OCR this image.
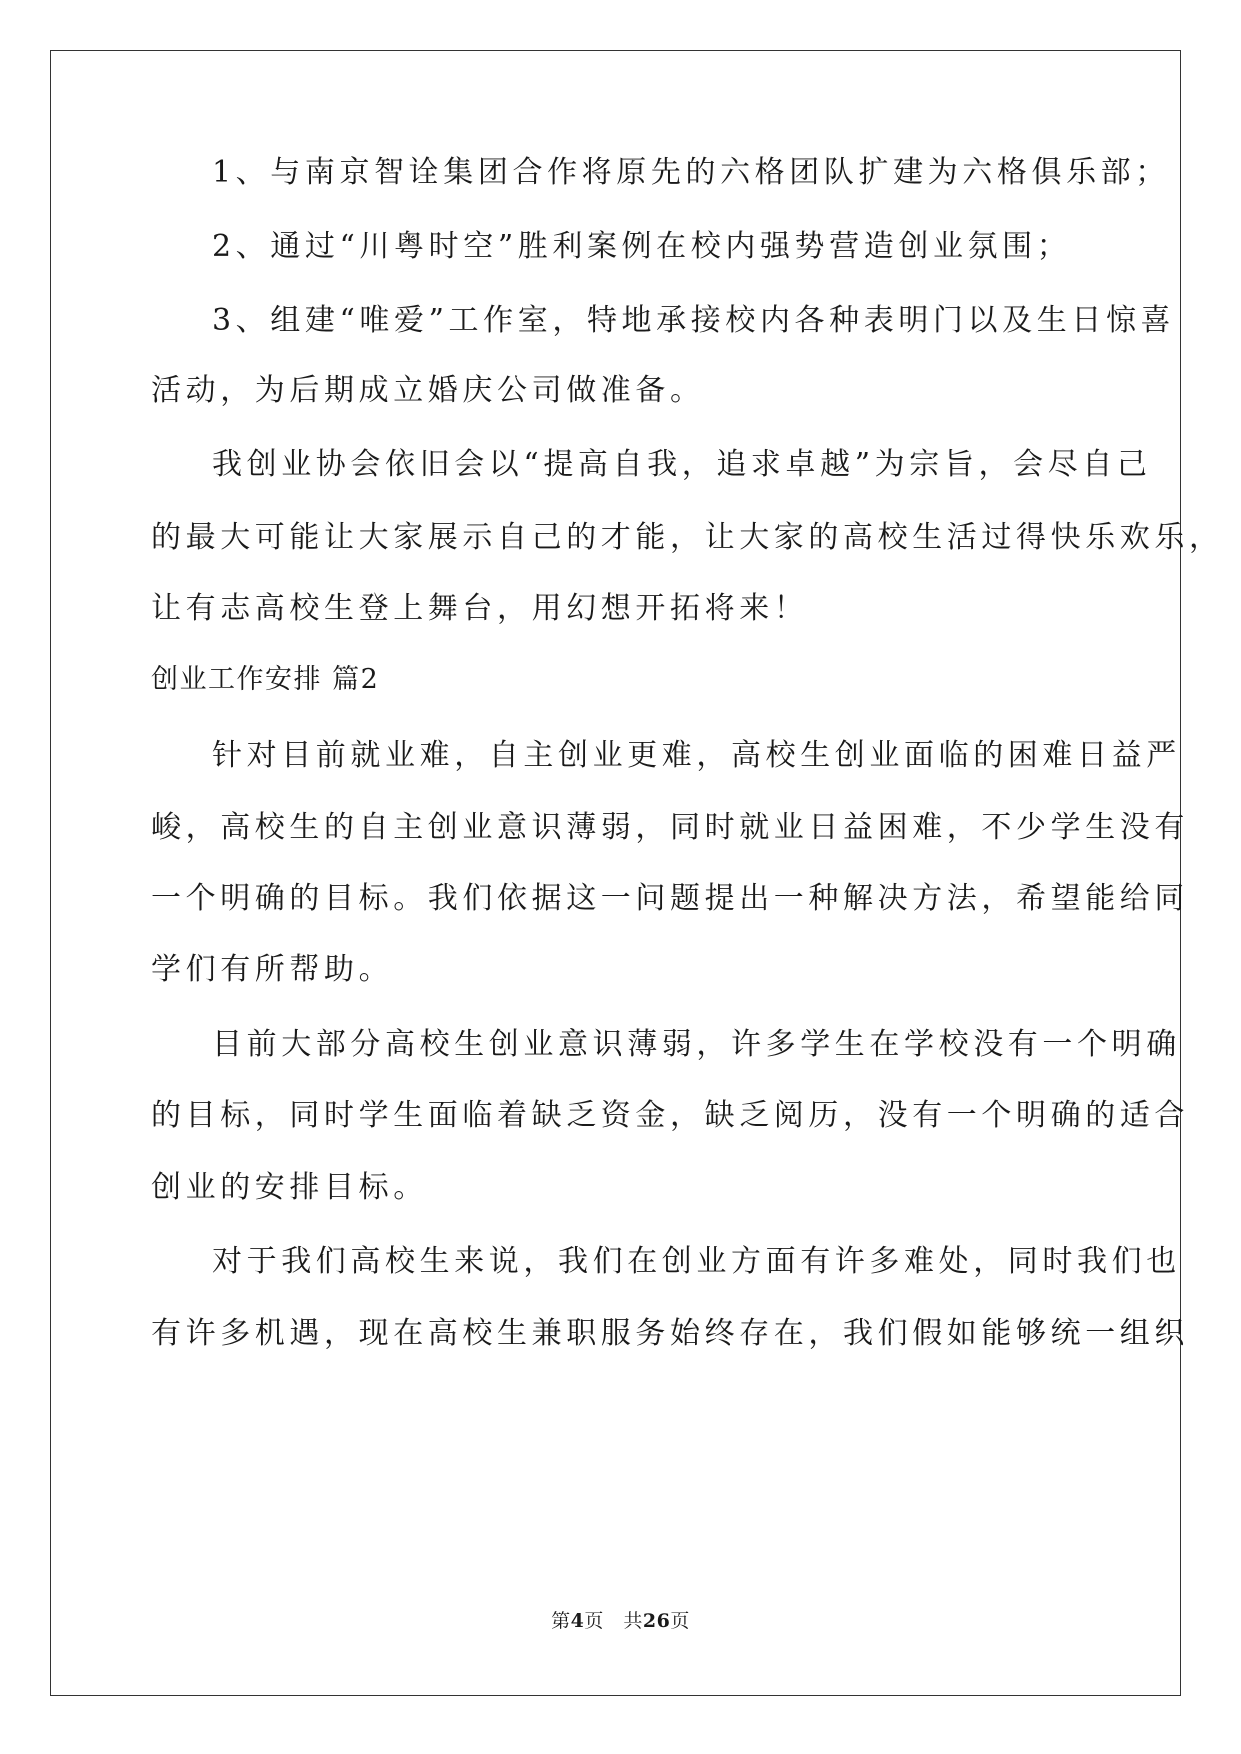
1、与南京智诠集团合作将原先的六格团队扩建为六格俱乐部；
2、通过“川粤时空”胜利案例在校内强势营造创业氛围；
3、组建“唯爱”工作室，特地承接校内各种表明门以及生日惊喜
活动，为后期成立婚庆公司做准备。
我创业协会依旧会以“提高自我，追求卓越”为宗旨，会尽自己
的最大可能让大家展示自己的才能，让大家的高校生活过得快乐欢乐，
让有志高校生登上舞台，用幻想开拓将来！
创业工作安排 篇2
针对目前就业难，自主创业更难，高校生创业面临的困难日益严
峻，高校生的自主创业意识薄弱，同时就业日益困难，不少学生没有
一个明确的目标。我们依据这一问题提出一种解决方法，希望能给同
学们有所帮助。
目前大部分高校生创业意识薄弱，许多学生在学校没有一个明确
的目标，同时学生面临着缺乏资金，缺乏阅历，没有一个明确的适合
创业的安排目标。
对于我们高校生来说，我们在创业方面有许多难处，同时我们也
有许多机遇，现在高校生兼职服务始终存在，我们假如能够统一组织
第4页　共26页
